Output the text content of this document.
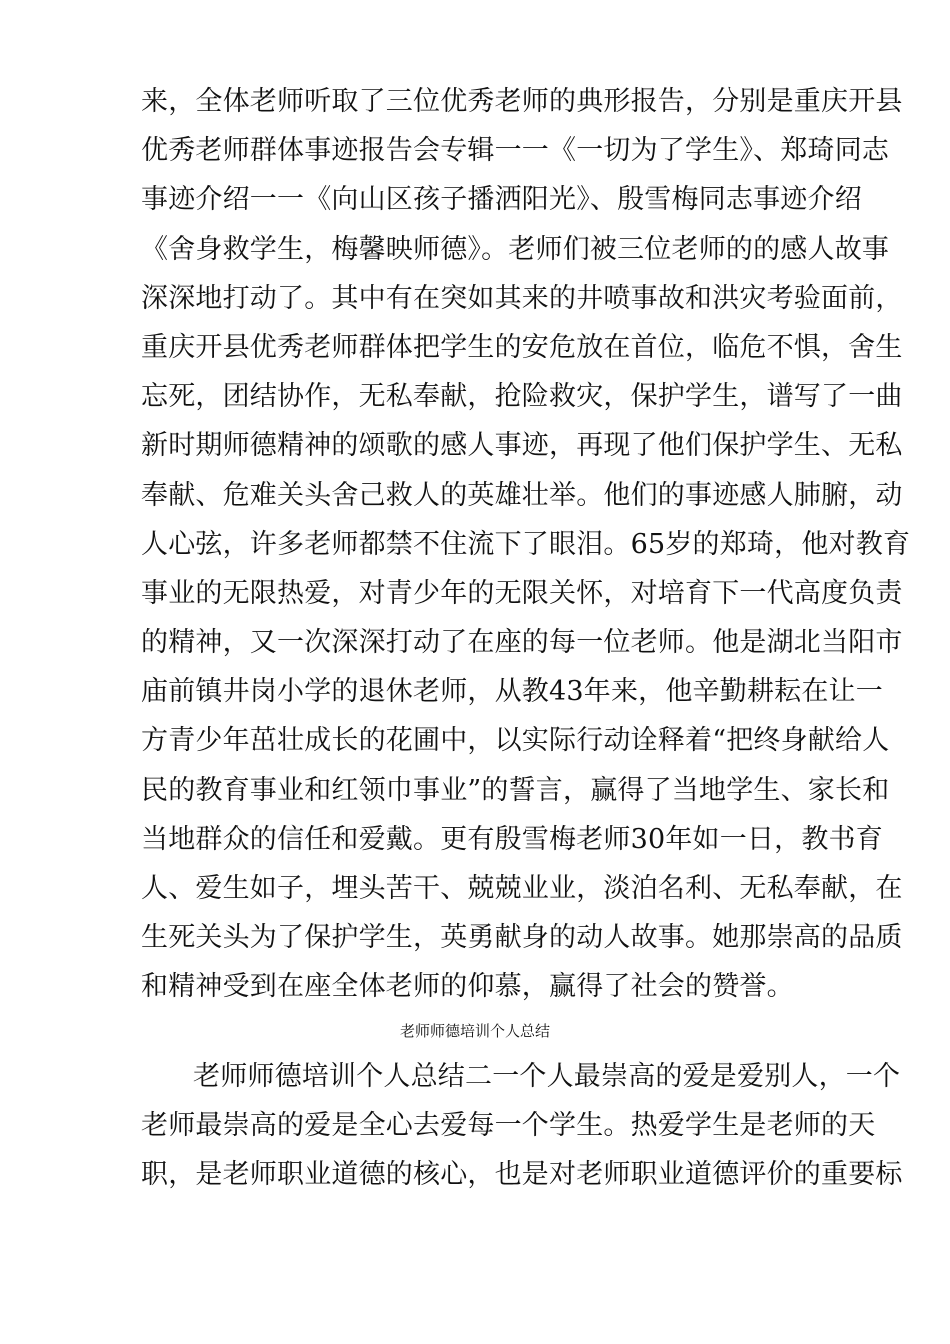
来，全体老师听取了三位优秀老师的典形报告，分别是重庆开县
优秀老师群体事迹报告会专辑一一《一切为了学生》、郑琦同志
事迹介绍一一《向山区孩子播洒阳光》、殷雪梅同志事迹介绍
《舍身救学生，梅馨映师德》。老师们被三位老师的的感人故事
深深地打动了。其中有在突如其来的井喷事故和洪灾考验面前，
重庆开县优秀老师群体把学生的安危放在首位，临危不惧，舍生
忘死，团结协作，无私奉献，抢险救灾，保护学生，谱写了一曲
新时期师德精神的颂歌的感人事迹，再现了他们保护学生、无私
奉献、危难关头舍己救人的英雄壮举。他们的事迹感人肺腑，动
人心弦，许多老师都禁不住流下了眼泪。65岁的郑琦，他对教育
事业的无限热爱，对青少年的无限关怀，对培育下一代高度负责
的精神，又一次深深打动了在座的每一位老师。他是湖北当阳市
庙前镇井岗小学的退休老师，从教43年来，他辛勤耕耘在让一
方青少年茁壮成长的花圃中，以实际行动诠释着“把终身献给人
民的教育事业和红领巾事业”的誓言，赢得了当地学生、家长和
当地群众的信任和爱戴。更有殷雪梅老师30年如一日，教书育
人、爱生如子，埋头苦干、兢兢业业，淡泊名利、无私奉献，在
生死关头为了保护学生，英勇献身的动人故事。她那崇高的品质
和精神受到在座全体老师的仰慕，赢得了社会的赞誉。
老师师德培训个人总结
老师师德培训个人总结二一个人最崇高的爱是爱别人，一个
老师最崇高的爱是全心去爱每一个学生。热爱学生是老师的天
职，是老师职业道德的核心，也是对老师职业道德评价的重要标
